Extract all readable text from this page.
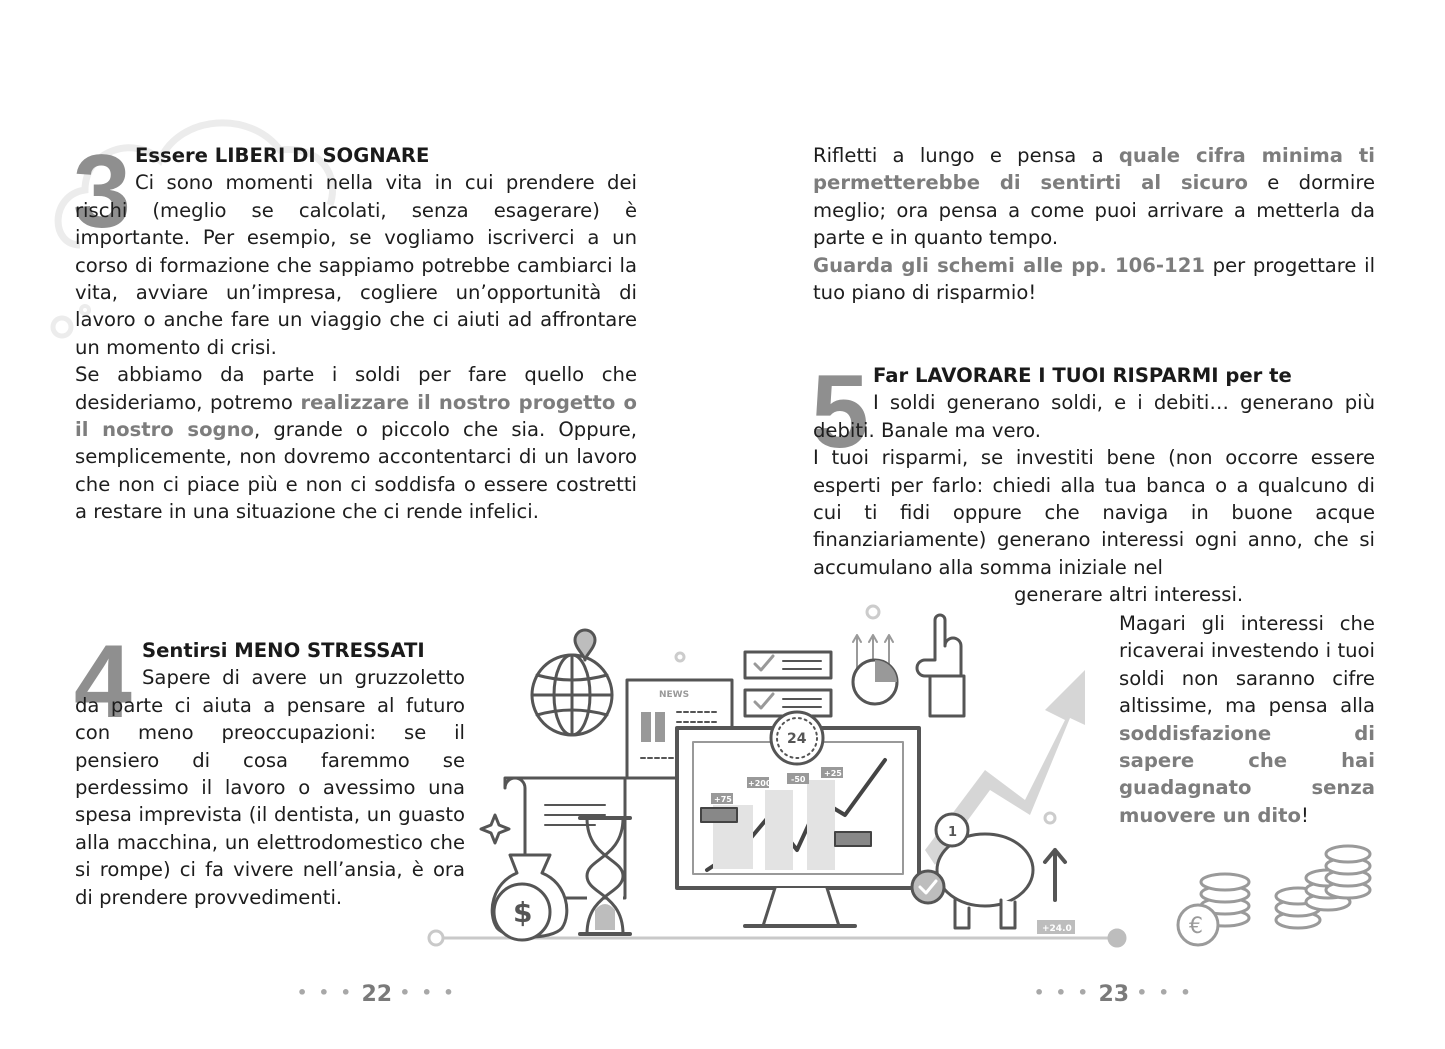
3 Essere LIBERI DI SOGNARE
Ci sono momenti nella vita in cui prendere dei rischi (meglio se calcolati, senza esagerare) è importante. Per esempio, se vogliamo iscriverci a un corso di formazione che sappiamo potrebbe cambiarci la vita, avviare un’impresa, cogliere un’opportunità di lavoro o anche fare un viaggio che ci aiuti ad affrontare un momento di crisi.

Se abbiamo da parte i soldi per fare quello che desideriamo, potremo realizzare il nostro progetto o il nostro sogno, grande o piccolo che sia. Oppure, semplicemente, non dovremo accontentarci di un lavoro che non ci piace più e non ci soddisfa o essere costretti a restare in una situazione che ci rende infelici.

4 Sentirsi MENO STRESSATI

Sapere di avere un gruzzoletto da parte ci aiuta a pensare al futuro con meno preoccupazioni: se il pensiero di cosa faremmo se perdessimo il lavoro o avessimo una spesa imprevista (il dentista, un guasto alla macchina, un elettrodomestico che si rompe) ci fa vivere nell’ansia, è ora di prendere provvedimenti.

• • • 22 • • •

Rifletti a lungo e pensa a quale cifra minima ti permetterebbe di sentirti al sicuro e dormire meglio; ora pensa a come puoi arrivare a metterla da parte e in quanto tempo.
Guarda gli schemi alle pp. 106-121 per progettare il tuo piano di risparmio!

5 Far LAVORARE I TUOI RISPARMI per te

I soldi generano soldi, e i debiti… generano più debiti. Banale ma vero.

I tuoi risparmi, se investiti bene (non occorre essere esperti per farlo: chiedi alla tua banca o a qualcuno di cui ti fidi oppure che naviga in buone acque finanziariamente) generano interessi ogni anno, che si accumulano alla somma iniziale nel

generare altri interessi.

Magari gli interessi che ricaverai investendo i tuoi soldi non saranno cifre altissime, ma pensa alla soddisfazione di sapere che hai guadagnato senza muovere un dito!

• • • 23 • • •
NEWS
24
+24.0
1
$
+75
+200 -50
+25
€
